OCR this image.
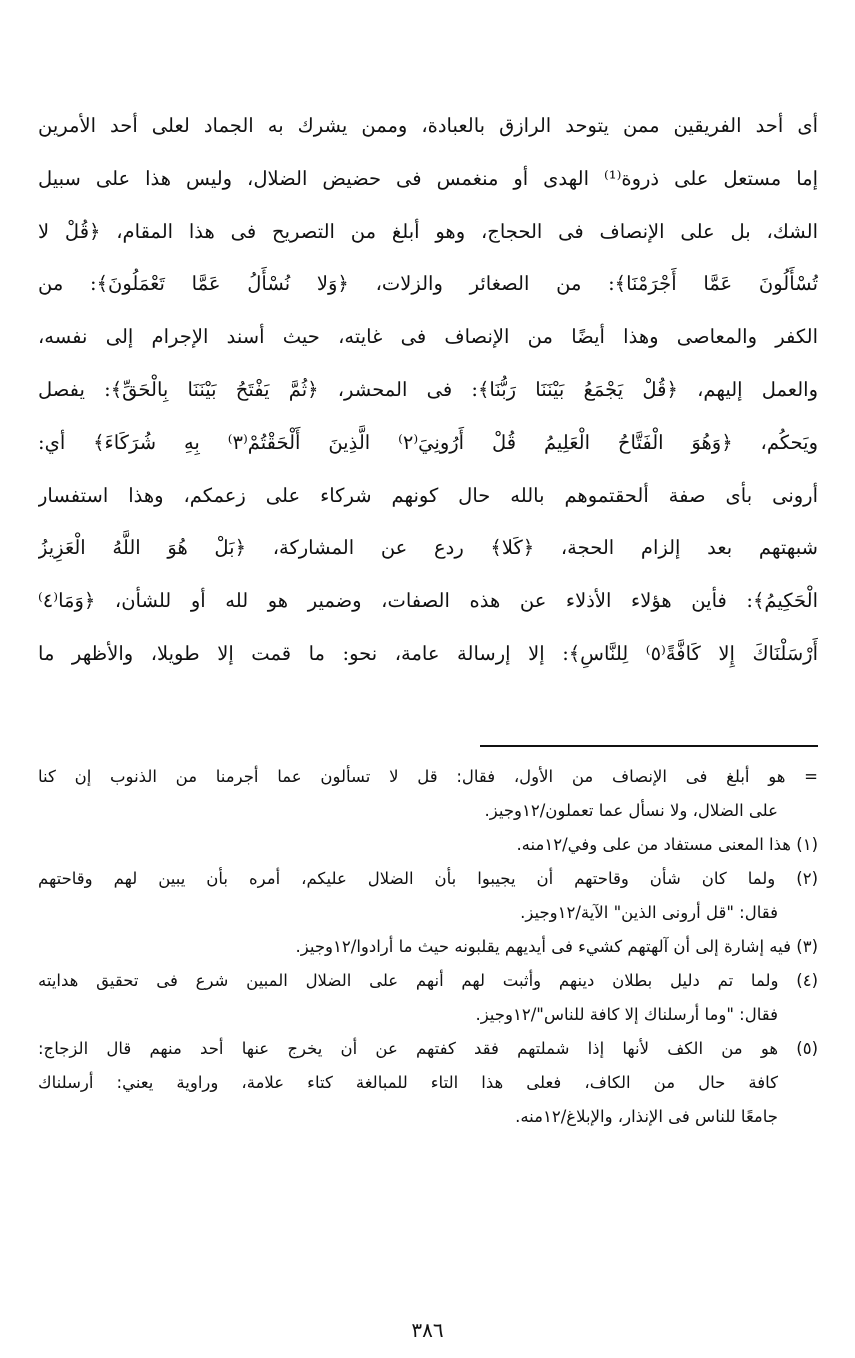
أى أحد الفريقين ممن يتوحد الرازق بالعبادة، وممن يشرك به الجماد لعلى أحد الأمرين
إما مستعل على ذروة⁽¹⁾ الهدى أو منغمس فى حضيض الضلال، وليس هذا على سبيل
الشك، بل على الإنصاف فى الحجاج، وهو أبلغ من التصريح فى هذا المقام، ﴿قُلْ لا
تُسْأَلُونَ عَمَّا أَجْرَمْنَا﴾: من الصغائر والزلات، ﴿وَلا نُسْأَلُ عَمَّا تَعْمَلُونَ﴾: من
الكفر والمعاصى وهذا أيضًا من الإنصاف فى غايته، حيث أسند الإجرام إلى نفسه،
والعمل إليهم، ﴿قُلْ يَجْمَعُ بَيْنَنَا رَبُّنَا﴾: فى المحشر، ﴿ثُمَّ يَفْتَحُ بَيْنَنَا بِالْحَقِّ﴾: يفصل
ويَحكُم، ﴿وَهُوَ الْفَتَّاحُ الْعَلِيمُ قُلْ أَرُونِيَ⁽٢⁾ الَّذِينَ أَلْحَقْتُمْ⁽٣⁾ بِهِ شُرَكَاءَ﴾ أي:
أرونى بأى صفة ألحقتموهم بالله حال كونهم شركاء على زعمكم، وهذا استفسار
شبهتهم بعد إلزام الحجة، ﴿كَلا﴾ ردع عن المشاركة، ﴿بَلْ هُوَ اللَّهُ الْعَزِيزُ
الْحَكِيمُ﴾: فأين هؤلاء الأذلاء عن هذه الصفات، وضمير هو لله أو للشأن، ﴿وَمَا⁽٤⁾
أَرْسَلْنَاكَ إِلا كَافَّةً⁽٥⁾ لِلنَّاسِ﴾: إلا إرسالة عامة، نحو: ما قمت إلا طويلا، والأظهر ما
= هو أبلغ فى الإنصاف من الأول، فقال: قل لا تسألون عما أجرمنا من الذنوب إن كنا
على الضلال، ولا نسأل عما تعملون/١٢وجيز.
(١) هذا المعنى مستفاد من على وفي/١٢منه.
(٢) ولما كان شأن وقاحتهم أن يجيبوا بأن الضلال عليكم، أمره بأن يبين لهم وقاحتهم
فقال: "قل أرونى الذين" الآية/١٢وجيز.
(٣) فيه إشارة إلى أن آلهتهم كشيء فى أيديهم يقلبونه حيث ما أرادوا/١٢وجيز.
(٤) ولما تم دليل بطلان دينهم وأثبت لهم أنهم على الضلال المبين شرع فى تحقيق هدايته
فقال: "وما أرسلناك إلا كافة للناس"/١٢وجيز.
(٥) هو من الكف لأنها إذا شملتهم فقد كفتهم عن أن يخرج عنها أحد منهم قال الزجاج:
كافة حال من الكاف، فعلى هذا التاء للمبالغة كتاء علامة، وراوية يعني: أرسلناك
جامعًا للناس فى الإنذار، والإبلاغ/١٢منه.
٣٨٦
